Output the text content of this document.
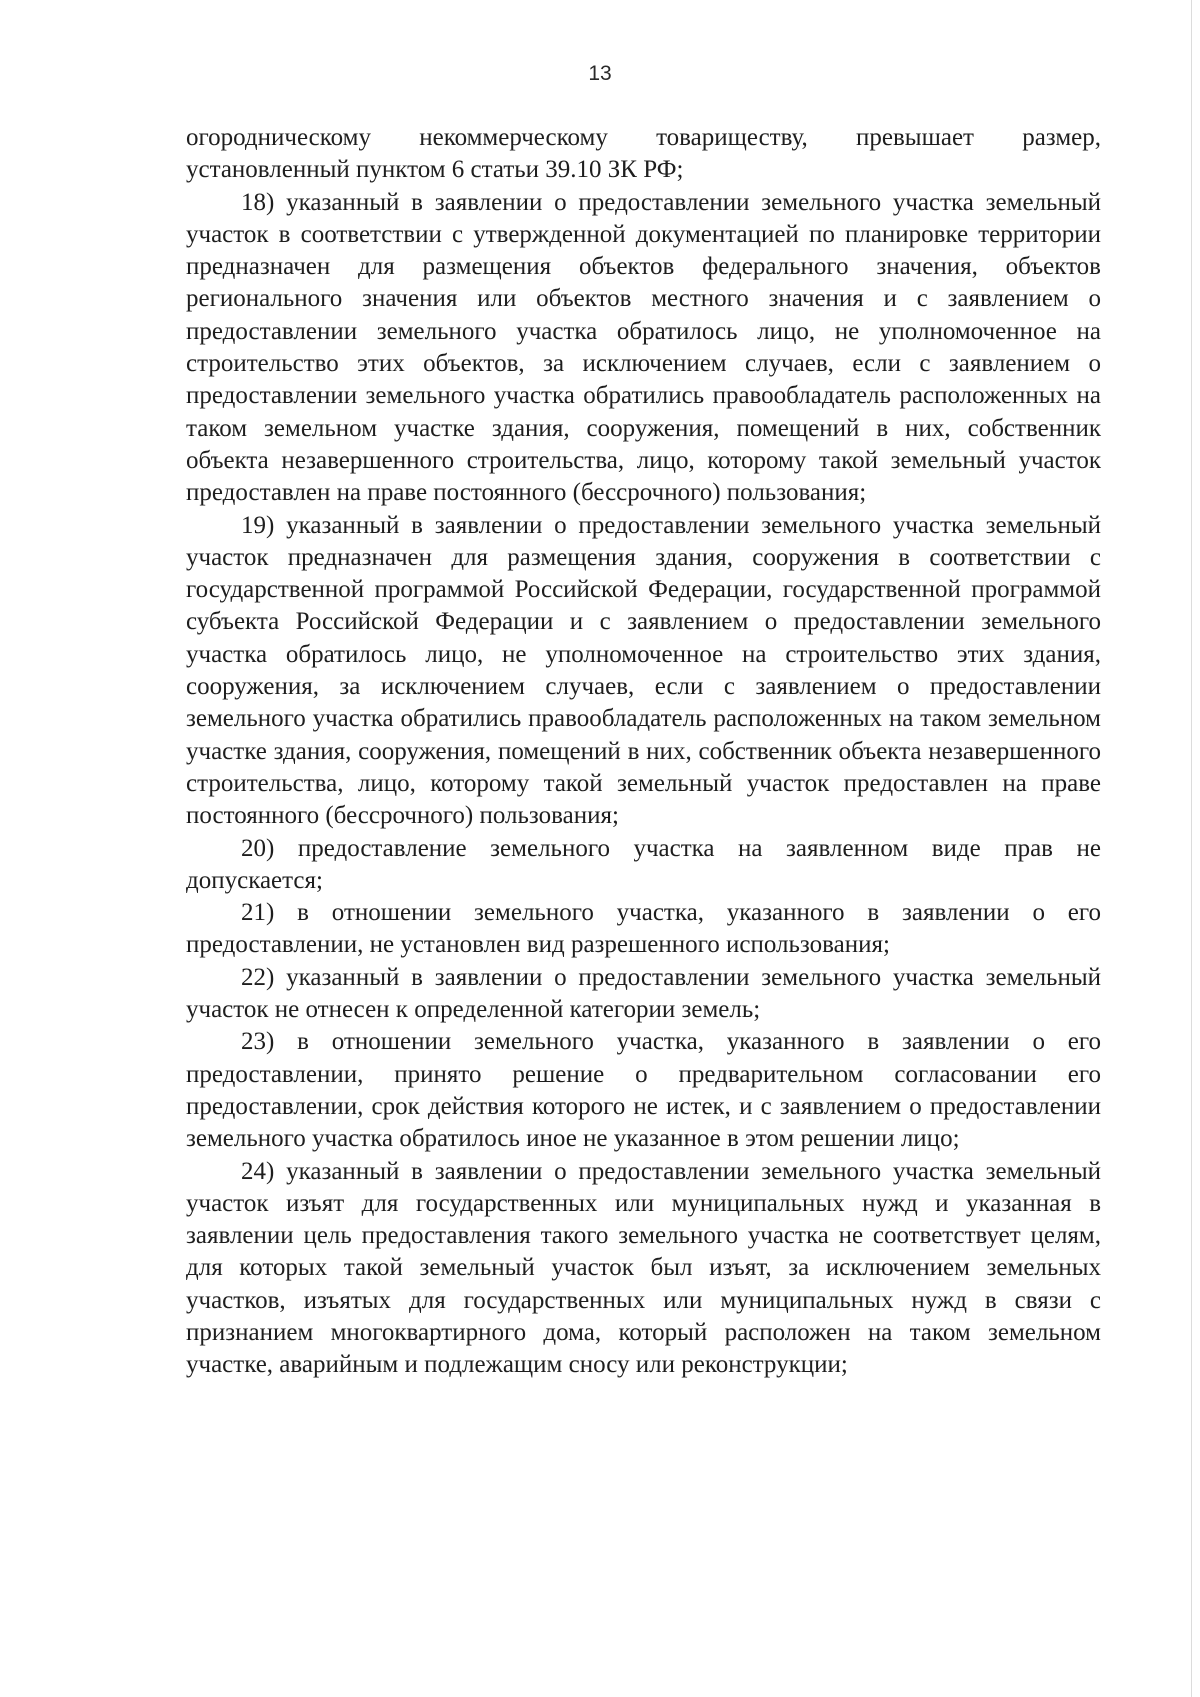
13

огородническому некоммерческому товариществу, превышает размер, установленный пунктом 6 статьи 39.10 ЗК РФ;

18) указанный в заявлении о предоставлении земельного участка земельный участок в соответствии с утвержденной документацией по планировке территории предназначен для размещения объектов федерального значения, объектов регионального значения или объектов местного значения и с заявлением о предоставлении земельного участка обратилось лицо, не уполномоченное на строительство этих объектов, за исключением случаев, если с заявлением о предоставлении земельного участка обратились правообладатель расположенных на таком земельном участке здания, сооружения, помещений в них, собственник объекта незавершенного строительства, лицо, которому такой земельный участок предоставлен на праве постоянного (бессрочного) пользования;

19) указанный в заявлении о предоставлении земельного участка земельный участок предназначен для размещения здания, сооружения в соответствии с государственной программой Российской Федерации, государственной программой субъекта Российской Федерации и с заявлением о предоставлении земельного участка обратилось лицо, не уполномоченное на строительство этих здания, сооружения, за исключением случаев, если с заявлением о предоставлении земельного участка обратились правообладатель расположенных на таком земельном участке здания, сооружения, помещений в них, собственник объекта незавершенного строительства, лицо, которому такой земельный участок предоставлен на праве постоянного (бессрочного) пользования;

20) предоставление земельного участка на заявленном виде прав не допускается;

21) в отношении земельного участка, указанного в заявлении о его предоставлении, не установлен вид разрешенного использования;

22) указанный в заявлении о предоставлении земельного участка земельный участок не отнесен к определенной категории земель;

23) в отношении земельного участка, указанного в заявлении о его предоставлении, принято решение о предварительном согласовании его предоставлении, срок действия которого не истек, и с заявлением о предоставлении земельного участка обратилось иное не указанное в этом решении лицо;

24) указанный в заявлении о предоставлении земельного участка земельный участок изъят для государственных или муниципальных нужд и указанная в заявлении цель предоставления такого земельного участка не соответствует целям, для которых такой земельный участок был изъят, за исключением земельных участков, изъятых для государственных или муниципальных нужд в связи с признанием многоквартирного дома, который расположен на таком земельном участке, аварийным и подлежащим сносу или реконструкции;
